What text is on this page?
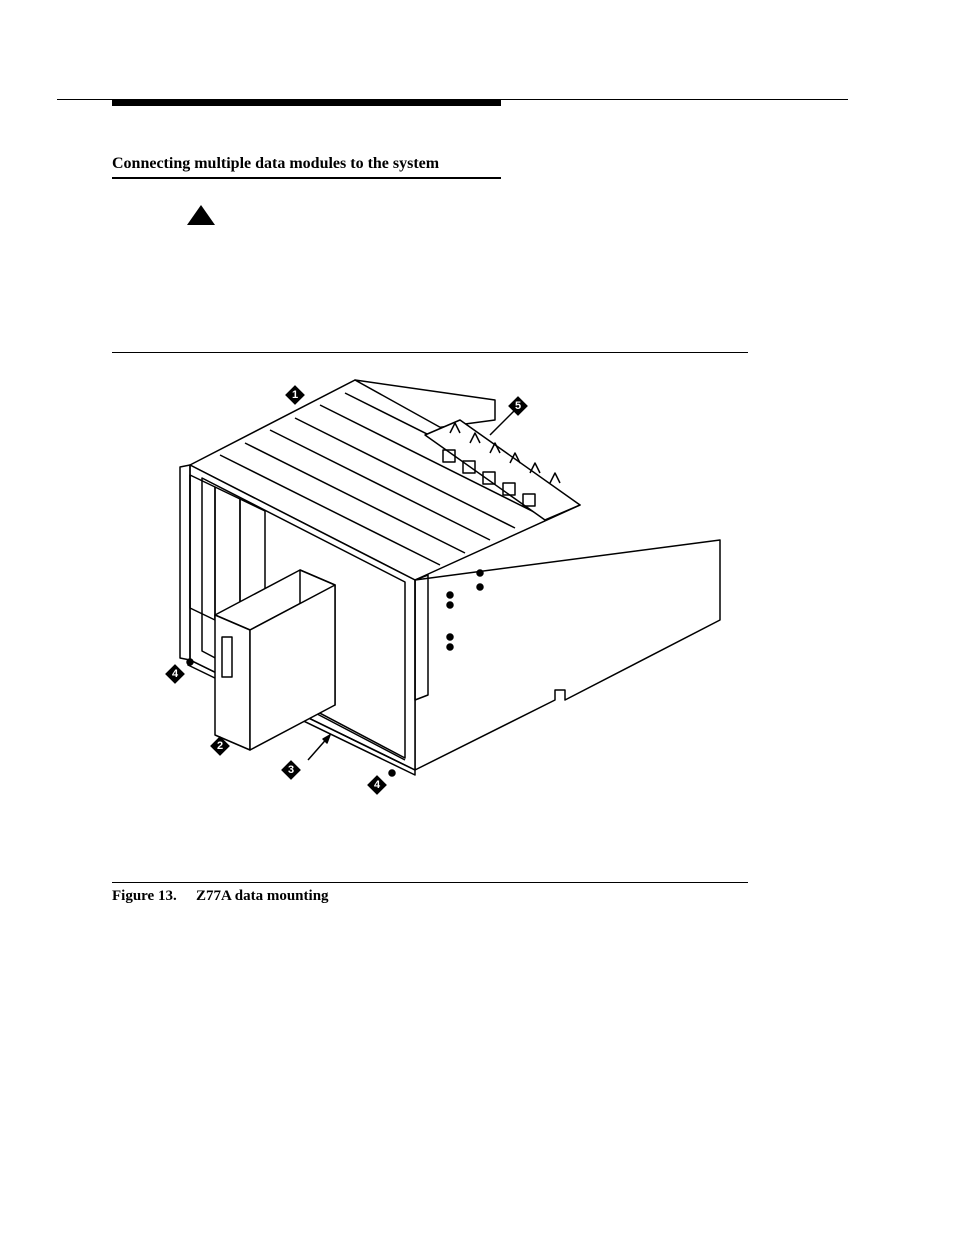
Connecting multiple data modules to the system
1
2
3
4
4
5
Figure 13. Z77A data mounting
